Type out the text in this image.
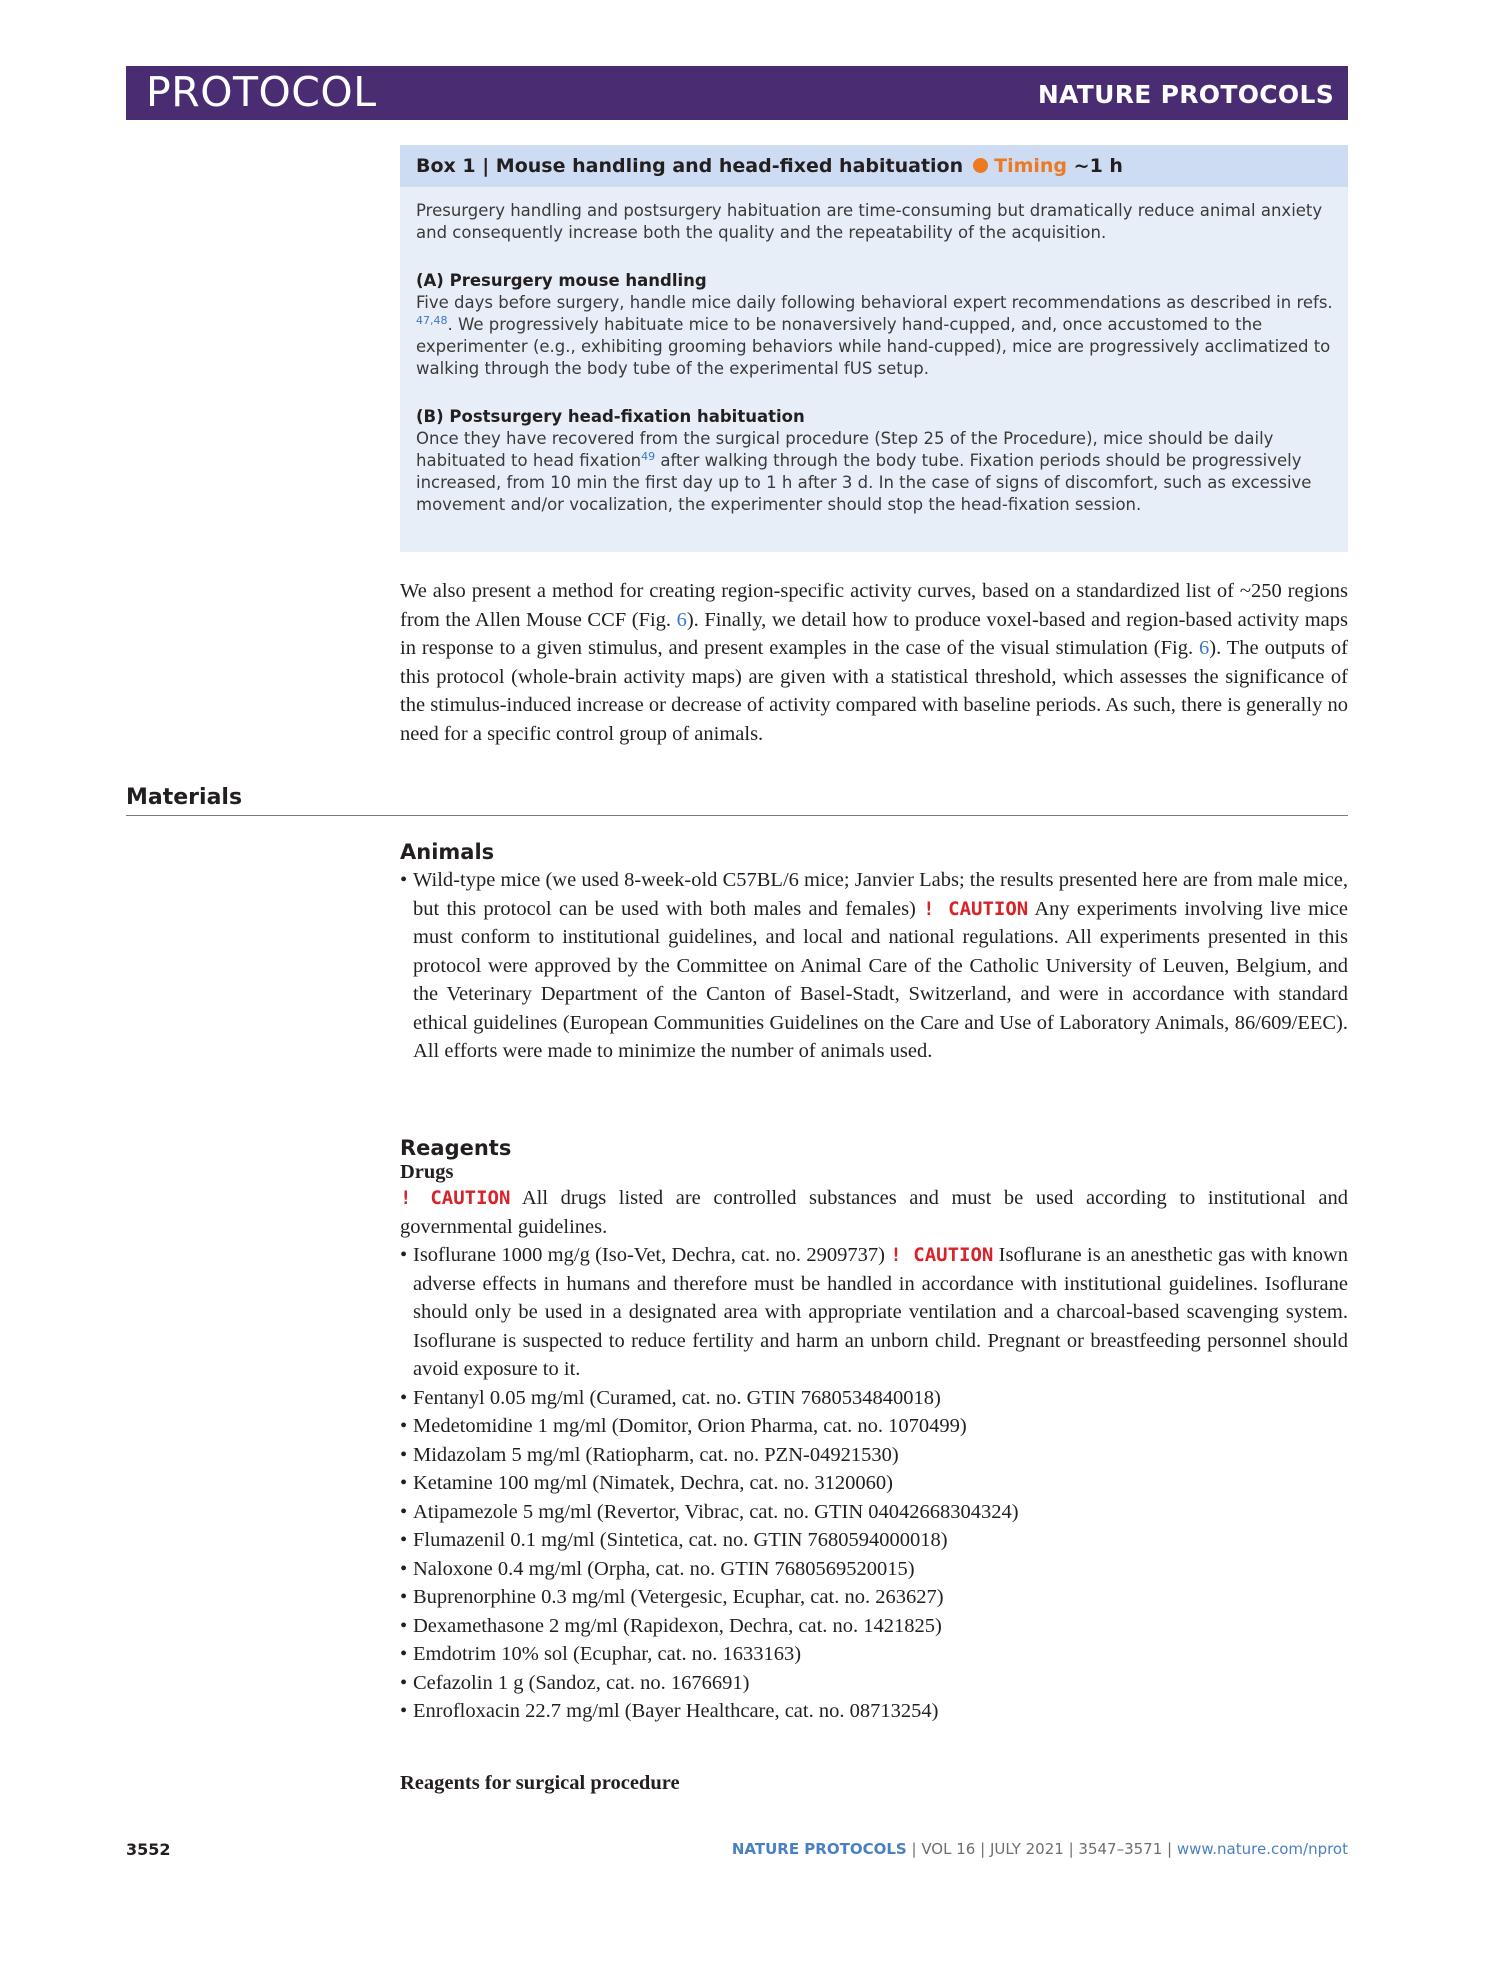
PROTOCOL	NATURE PROTOCOLS
Box 1 | Mouse handling and head-fixed habituation Timing ~1 h

Presurgery handling and postsurgery habituation are time-consuming but dramatically reduce animal anxiety and consequently increase both the quality and the repeatability of the acquisition.

(A) Presurgery mouse handling

Five days before surgery, handle mice daily following behavioral expert recommendations as described in refs. $^{47,48}$. We progressively habituate mice to be nonaversively hand-cupped, and, once accustomed to the experimenter (e.g., exhibiting grooming behaviors while hand-cupped), mice are progressively acclimatized to walking through the body tube of the experimental fUS setup.

(B) Postsurgery head-fixation habituation

Once they have recovered from the surgical procedure (Step 25 of the Procedure), mice should be daily habituated to head fixation$^{49}$ after walking through the body tube. Fixation periods should be progressively increased, from 10 min the first day up to 1 h after 3 d. In the case of signs of discomfort, such as excessive movement and/or vocalization, the experimenter should stop the head-fixation session.

We also present a method for creating region-specific activity curves, based on a standardized list of ~250 regions from the Allen Mouse CCF (Fig. 6). Finally, we detail how to produce voxel-based and region-based activity maps in response to a given stimulus, and present examples in the case of the visual stimulation (Fig. 6). The outputs of this protocol (whole-brain activity maps) are given with a statistical threshold, which assesses the significance of the stimulus-induced increase or decrease of activity compared with baseline periods. As such, there is generally no need for a specific control group of animals.

Materials

Animals

• Wild-type mice (we used 8-week-old C57BL/6 mice; Janvier Labs; the results presented here are from male mice, but this protocol can be used with both males and females) ! CAUTION Any experiments involving live mice must conform to institutional guidelines, and local and national regulations. All experiments presented in this protocol were approved by the Committee on Animal Care of the Catholic University of Leuven, Belgium, and the Veterinary Department of the Canton of Basel-Stadt, Switzerland, and were in accordance with standard ethical guidelines (European Communities Guidelines on the Care and Use of Laboratory Animals, 86/609/EEC). All efforts were made to minimize the number of animals used.

Reagents

Drugs

! CAUTION All drugs listed are controlled substances and must be used according to institutional and governmental guidelines.

• Isoflurane 1000 mg/g (Iso-Vet, Dechra, cat. no. 2909737) ! CAUTION Isoflurane is an anesthetic gas with known adverse effects in humans and therefore must be handled in accordance with institutional guidelines. Isoflurane should only be used in a designated area with appropriate ventilation and a charcoal-based scavenging system. Isoflurane is suspected to reduce fertility and harm an unborn child. Pregnant or breastfeeding personnel should avoid exposure to it.
• Fentanyl 0.05 mg/ml (Curamed, cat. no. GTIN 7680534840018)
• Medetomidine 1 mg/ml (Domitor, Orion Pharma, cat. no. 1070499)
• Midazolam 5 mg/ml (Ratiopharm, cat. no. PZN-04921530)
• Ketamine 100 mg/ml (Nimatek, Dechra, cat. no. 3120060)
• Atipamezole 5 mg/ml (Revertor, Vibrac, cat. no. GTIN 04042668304324)
• Flumazenil 0.1 mg/ml (Sintetica, cat. no. GTIN 7680594000018)
• Naloxone 0.4 mg/ml (Orpha, cat. no. GTIN 7680569520015)
• Buprenorphine 0.3 mg/ml (Vetergesic, Ecuphar, cat. no. 263627)
• Dexamethasone 2 mg/ml (Rapidexon, Dechra, cat. no. 1421825)
• Emdotrim 10% sol (Ecuphar, cat. no. 1633163)
• Cefazolin 1 g (Sandoz, cat. no. 1676691)
• Enrofloxacin 22.7 mg/ml (Bayer Healthcare, cat. no. 08713254)

Reagents for surgical procedure

3552	NATURE PROTOCOLS | VOL 16 | JULY 2021 | 3547–3571 | www.nature.com/nprot
